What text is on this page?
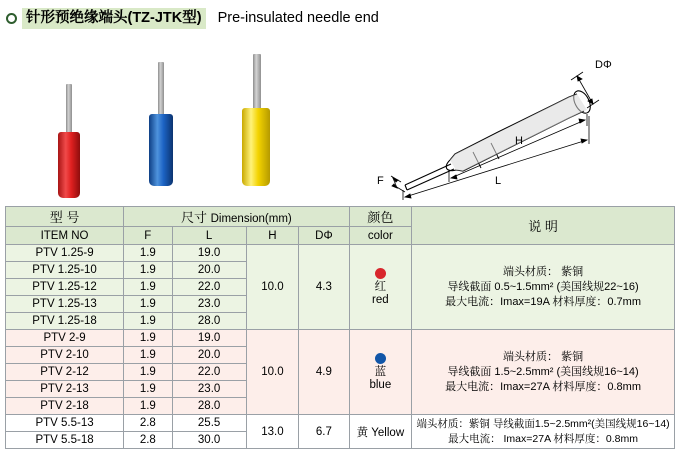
针形预绝缘端头(TZ-JTK型) Pre-insulated needle end
DΦ
H
F	L
型 号	尺寸 Dimension(mm)				颜色	说 明
ITEM NO	F	L	H	DΦ	color	
PTV 1.25-9	1.9	19.0	10.0	4.3	红
red

端头材质： 紫铜
导线截面 0.5~1.5mm² (美国线规22~16)
最大电流：Imax=19A 材料厚度：0.7mm

PTV 1.25-10	1.9	20.0				
PTV 1.25-12	1.9	22.0				
PTV 1.25-13	1.9	23.0				
PTV 1.25-18	1.9	28.0				
PTV 2-9	1.9	19.0	10.0	4.9	蓝
blue

端头材质： 紫铜
导线截面 1.5~2.5mm² (美国线规16~14)
最大电流：Imax=27A 材料厚度：0.8mm

PTV 2-10	1.9	20.0				
PTV 2-12	1.9	22.0				
PTV 2-13	1.9	23.0				
PTV 2-18	1.9	28.0				
PTV 5.5-13	2.8	25.5	13.0	6.7	黄 Yellow	端头材质：紫铜 导线截面1.5~2.5mm²(美国线规16~14)
最大电流： Imax=27A 材料厚度：0.8mm

PTV 5.5-18	2.8	30.0				
